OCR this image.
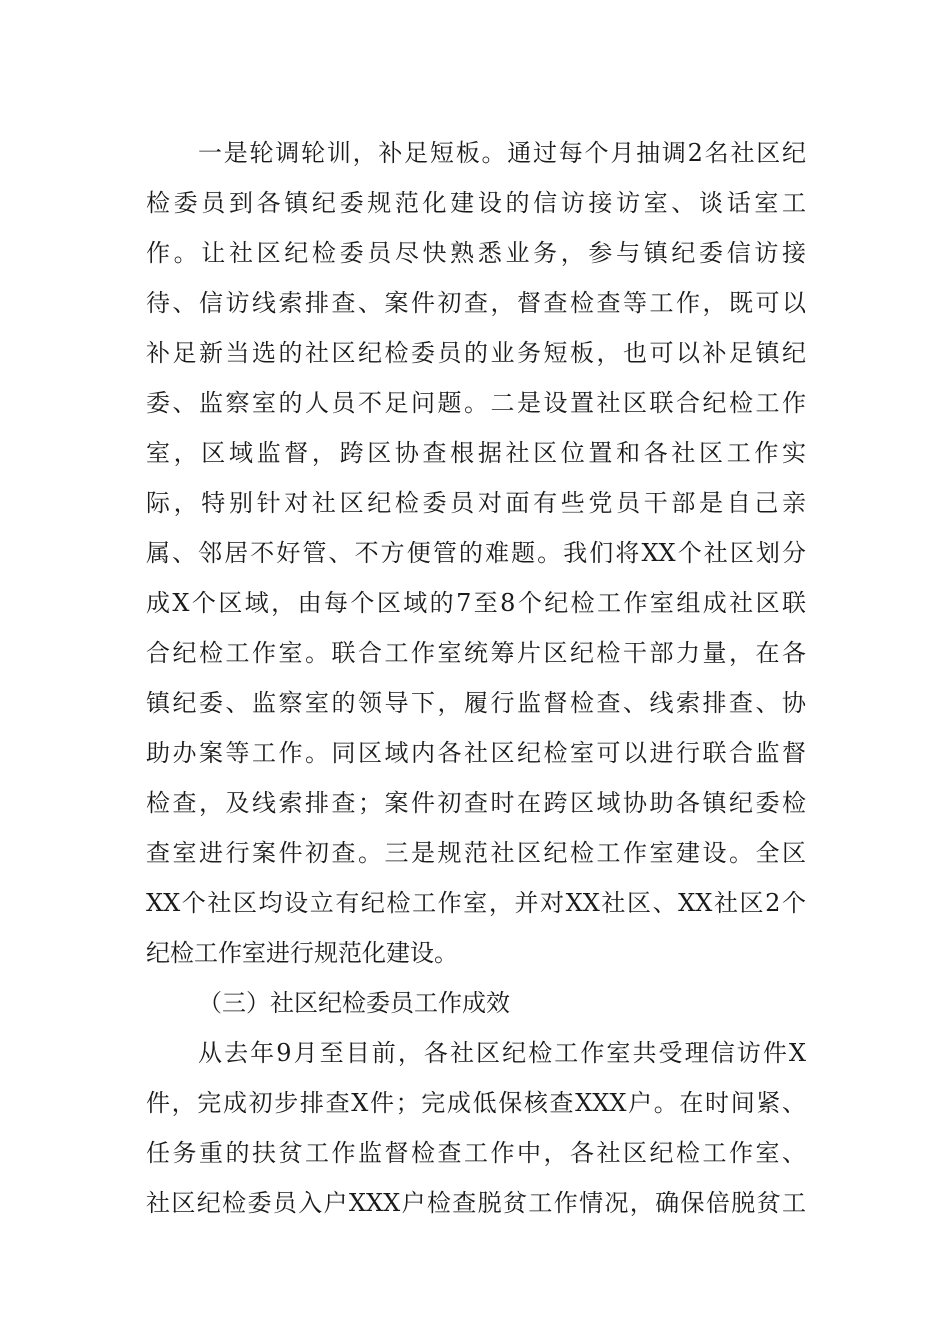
一是轮调轮训，补足短板。通过每个月抽调2名社区纪
检委员到各镇纪委规范化建设的信访接访室、谈话室工
作。让社区纪检委员尽快熟悉业务，参与镇纪委信访接
待、信访线索排查、案件初查，督查检查等工作，既可以
补足新当选的社区纪检委员的业务短板，也可以补足镇纪
委、监察室的人员不足问题。二是设置社区联合纪检工作
室，区域监督，跨区协查根据社区位置和各社区工作实
际，特别针对社区纪检委员对面有些党员干部是自己亲
属、邻居不好管、不方便管的难题。我们将XX个社区划分
成X个区域，由每个区域的7至8个纪检工作室组成社区联
合纪检工作室。联合工作室统筹片区纪检干部力量，在各
镇纪委、监察室的领导下，履行监督检查、线索排查、协
助办案等工作。同区域内各社区纪检室可以进行联合监督
检查，及线索排查；案件初查时在跨区域协助各镇纪委检
查室进行案件初查。三是规范社区纪检工作室建设。全区
XX个社区均设立有纪检工作室，并对XX社区、XX社区2个
纪检工作室进行规范化建设。
（三）社区纪检委员工作成效
从去年9月至目前，各社区纪检工作室共受理信访件X
件，完成初步排查X件；完成低保核查XXX户。在时间紧、
任务重的扶贫工作监督检查工作中，各社区纪检工作室、
社区纪检委员入户XXX户检查脱贫工作情况，确保倍脱贫工
